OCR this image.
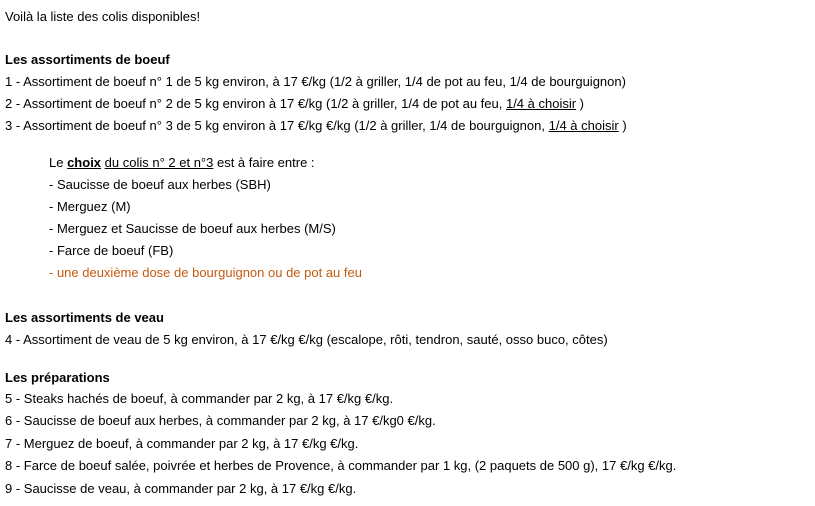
Voilà la liste des colis disponibles!
Les assortiments de boeuf
1 - Assortiment de boeuf n° 1 de 5 kg environ, à 17 €/kg (1/2 à griller, 1/4 de pot au feu, 1/4 de bourguignon)
2 - Assortiment de boeuf n° 2 de 5 kg environ à 17 €/kg (1/2 à griller, 1/4 de pot au feu, 1/4 à choisir )
3 - Assortiment de boeuf n° 3 de 5 kg environ à 17 €/kg €/kg (1/2 à griller, 1/4 de bourguignon, 1/4 à choisir )
Le choix du colis n° 2 et n°3 est à faire entre :
- Saucisse de boeuf aux herbes (SBH)
- Merguez (M)
- Merguez et Saucisse de boeuf aux herbes (M/S)
- Farce de boeuf (FB)
- une deuxième dose de bourguignon ou de pot au feu
Les assortiments de veau
4 - Assortiment de veau de 5 kg environ, à 17 €/kg €/kg (escalope, rôti, tendron, sauté, osso buco, côtes)
Les préparations
5 - Steaks hachés de boeuf, à commander par 2 kg, à 17 €/kg €/kg.
6 - Saucisse de boeuf aux herbes, à commander par 2 kg, à 17 €/kg0 €/kg.
7 - Merguez de boeuf, à commander par 2 kg, à 17 €/kg €/kg.
8 - Farce de boeuf salée, poivrée et herbes de Provence, à commander par 1 kg, (2 paquets de 500 g), 17 €/kg €/kg.
9 - Saucisse de veau, à commander par 2 kg, à 17 €/kg €/kg.
